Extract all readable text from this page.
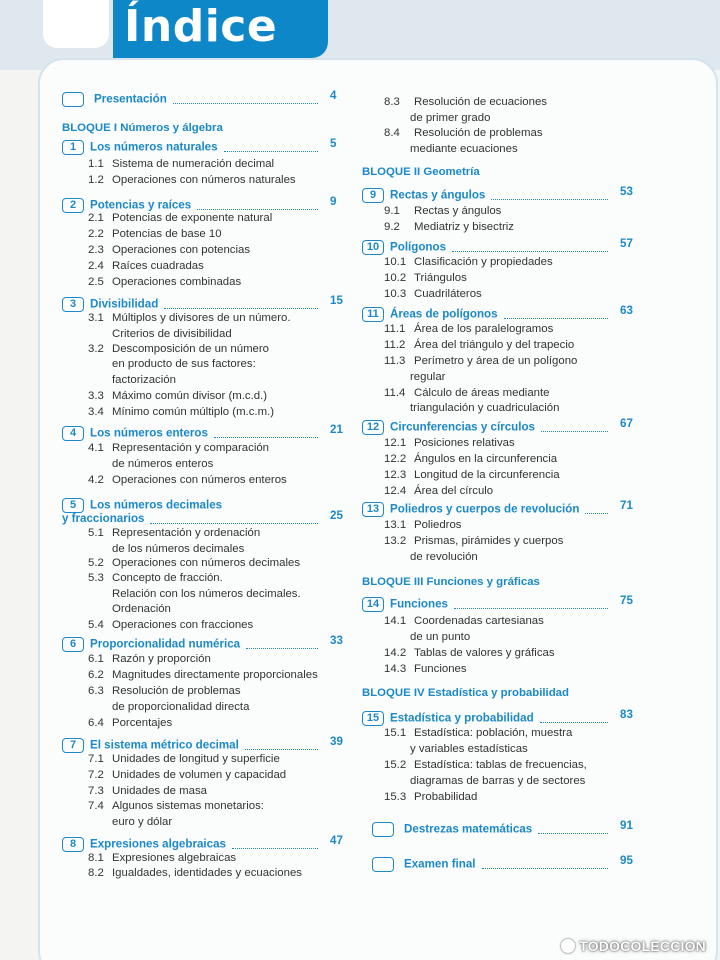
Índice
Presentación	4
BLOQUE I Números y álgebra
1 Los números naturales	5
1.1 Sistema de numeración decimal
1.2 Operaciones con números naturales
2 Potencias y raíces	9
2.1 Potencias de exponente natural
2.2 Potencias de base 10
2.3 Operaciones con potencias
2.4 Raíces cuadradas
2.5 Operaciones combinadas
3 Divisibilidad	15
3.1 Múltiplos y divisores de un número.
Criterios de divisibilidad
3.2 Descomposición de un número
en producto de sus factores:
factorización
3.3 Máximo común divisor (m.c.d.)
3.4 Mínimo común múltiplo (m.c.m.)
4 Los números enteros	21
4.1 Representación y comparación
de números enteros
4.2 Operaciones con números enteros
5 Los números decimales
y fraccionarios	25
5.1 Representación y ordenación
de los números decimales
5.2 Operaciones con números decimales
5.3 Concepto de fracción.
Relación con los números decimales.
Ordenación
5.4 Operaciones con fracciones
6 Proporcionalidad numérica	33
6.1 Razón y proporción
6.2 Magnitudes directamente proporcionales
6.3 Resolución de problemas
de proporcionalidad directa
6.4 Porcentajes
7 El sistema métrico decimal	39
7.1 Unidades de longitud y superficie
7.2 Unidades de volumen y capacidad
7.3 Unidades de masa
7.4 Algunos sistemas monetarios:
euro y dólar
8 Expresiones algebraicas	47
8.1 Expresiones algebraicas
8.2 Igualdades, identidades y ecuaciones
8.3 Resolución de ecuaciones
de primer grado
8.4 Resolución de problemas
mediante ecuaciones
BLOQUE II Geometría
9 Rectas y ángulos	53
9.1 Rectas y ángulos
9.2 Mediatriz y bisectriz
10 Polígonos	57
10.1 Clasificación y propiedades
10.2 Triángulos
10.3 Cuadriláteros
11 Áreas de polígonos	63
11.1 Área de los paralelogramos
11.2 Área del triángulo y del trapecio
11.3 Perímetro y área de un polígono
regular
11.4 Cálculo de áreas mediante
triangulación y cuadriculación
12 Circunferencias y círculos	67
12.1 Posiciones relativas
12.2 Ángulos en la circunferencia
12.3 Longitud de la circunferencia
12.4 Área del círculo
13 Poliedros y cuerpos de revolución	71
13.1 Poliedros
13.2 Prismas, pirámides y cuerpos
de revolución
BLOQUE III Funciones y gráficas
14 Funciones	75
14.1 Coordenadas cartesianas
de un punto
14.2 Tablas de valores y gráficas
14.3 Funciones
BLOQUE IV Estadística y probabilidad
15 Estadística y probabilidad	83
15.1 Estadística: población, muestra
y variables estadísticas
15.2 Estadística: tablas de frecuencias,
diagramas de barras y de sectores
15.3 Probabilidad
Destrezas matemáticas	91
Examen final	95
TODOCOLECCION
